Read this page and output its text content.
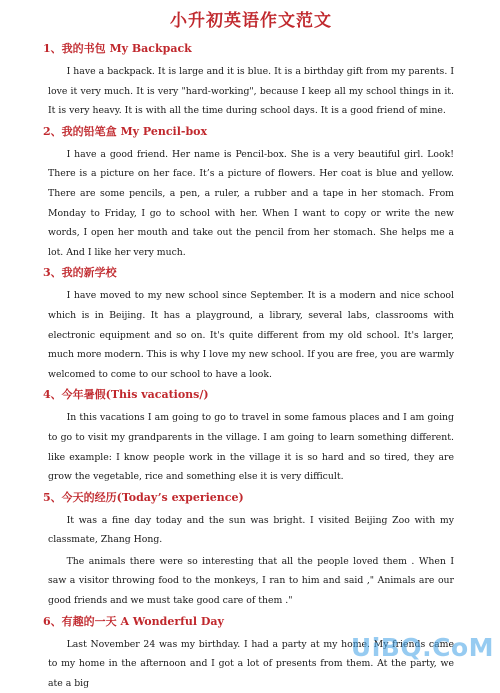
小升初英语作文范文
1、我的书包 My Backpack

I have a backpack. It is large and it is blue. It is a birthday gift from my parents. I love it very much. It is very "hard-working", because I keep all my school things in it. It is very heavy. It is with all the time during school days. It is a good friend of mine.

2、我的铅笔盒 My Pencil-box

I have a good friend. Her name is Pencil-box. She is a very beautiful girl. Look! There is a picture on her face. It’s a picture of flowers. Her coat is blue and yellow. There are some pencils, a pen, a ruler, a rubber and a tape in her stomach. From Monday to Friday, I go to school with her. When I want to copy or write the new words, I open her mouth and take out the pencil from her stomach. She helps me a lot. And I like her very much.

3、我的新学校

I have moved to my new school since September. It is a modern and nice school which is in Beijing. It has a playground, a library, several labs, classrooms with electronic equipment and so on. It's quite different from my old school. It's larger, much more modern. This is why I love my new school. If you are free, you are warmly welcomed to come to our school to have a look.

4、今年暑假(This vacations/)

In this vacations I am going to go to travel in some famous places and I am going to go to visit my grandparents in the village. I am going to learn something different. like example: I know people work in the village it is so hard and so tired, they are grow the vegetable, rice and something else it is very difficult.

5、今天的经历(Today’s experience)

It was a fine day today and the sun was bright. I visited Beijing Zoo with my classmate, Zhang Hong.

The animals there were so interesting that all the people loved them . When I saw a visitor throwing food to the monkeys, I ran to him and said ," Animals are our good friends and we must take good care of them ."

6、有趣的一天 A Wonderful Day

Last November 24 was my birthday. I had a party at my home. My friends came to my home in the afternoon and I got a lot of presents from them. At the party, we ate a big

UiBQ.CoM
